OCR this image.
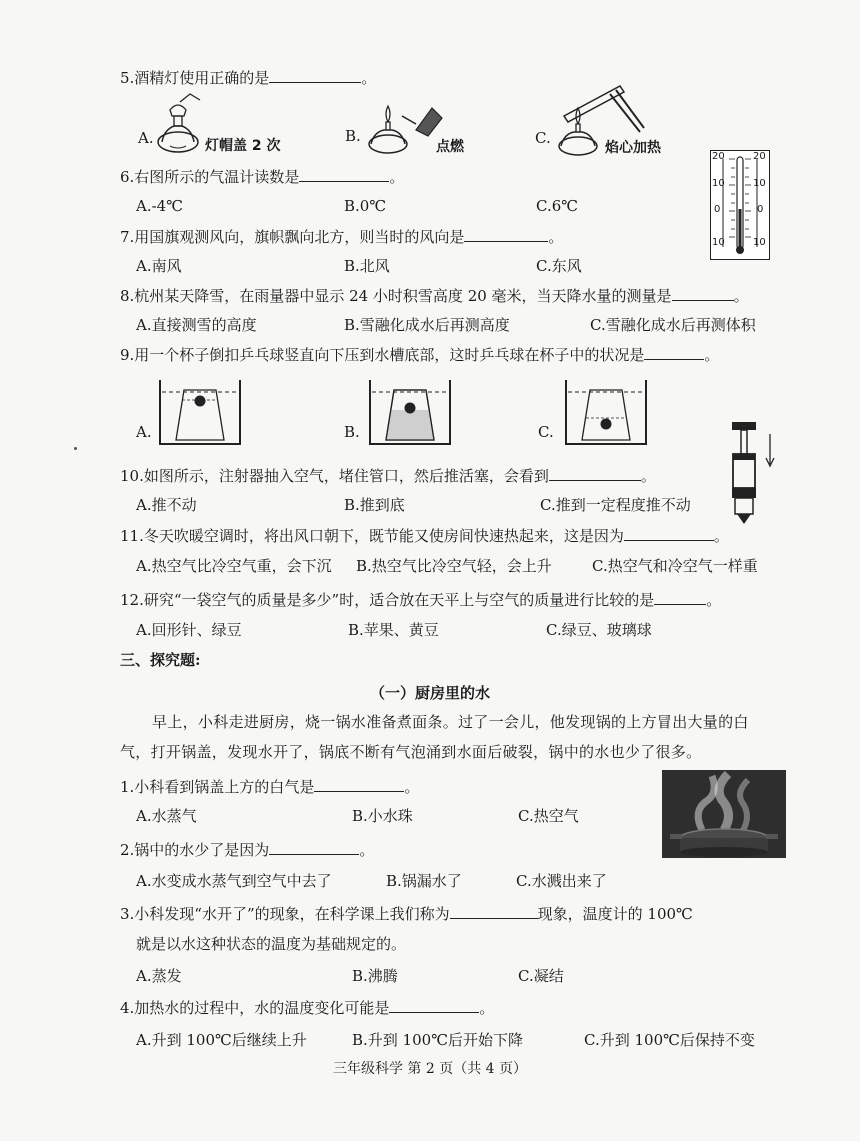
5.酒精灯使用正确的是	。
A.	灯帽盖 2 次
B.
点燃	C.
焰心加热
20	20
10	10
0	0
10	10
6.右图所示的气温计读数是	。
A.-4℃	B.0℃	C.6℃
7.用国旗观测风向，旗帜飘向北方，则当时的风向是	。
A.南风	B.北风	C.东风
8.杭州某天降雪，在雨量器中显示 24 小时积雪高度 20 毫米，当天降水量的测量是	。
A.直接测雪的高度	B.雪融化成水后再测高度	C.雪融化成水后再测体积
9.用一个杯子倒扣乒乓球竖直向下压到水槽底部，这时乒乓球在杯子中的状况是	。
A.	B.	C.
10.如图所示，注射器抽入空气，堵住管口，然后推活塞，会看到	。
A.推不动	B.推到底	C.推到一定程度推不动
11.冬天吹暖空调时，将出风口朝下，既节能又使房间快速热起来，这是因为	。
A.热空气比冷空气重，会下沉 B.热空气比冷空气轻，会上升	C.热空气和冷空气一样重
12.研究“一袋空气的质量是多少”时，适合放在天平上与空气的质量进行比较的是	。
A.回形针、绿豆	B.苹果、黄豆	C.绿豆、玻璃球
三、探究题:
（一）厨房里的水
早上，小科走进厨房，烧一锅水准备煮面条。过了一会儿，他发现锅的上方冒出大量的白
气，打开锅盖，发现水开了，锅底不断有气泡涌到水面后破裂，锅中的水也少了很多。
1.小科看到锅盖上方的白气是	。
A.水蒸气	B.小水珠	C.热空气
2.锅中的水少了是因为	。
A.水变成水蒸气到空气中去了	B.锅漏水了	C.水溅出来了
3.小科发现“水开了”的现象，在科学课上我们称为	现象，温度计的 100℃
就是以水这种状态的温度为基础规定的。
A.蒸发	B.沸腾	C.凝结
4.加热水的过程中，水的温度变化可能是	。
A.升到 100℃后继续上升	B.升到 100℃后开始下降	C.升到 100℃后保持不变
三年级科学 第 2 页（共 4 页）
